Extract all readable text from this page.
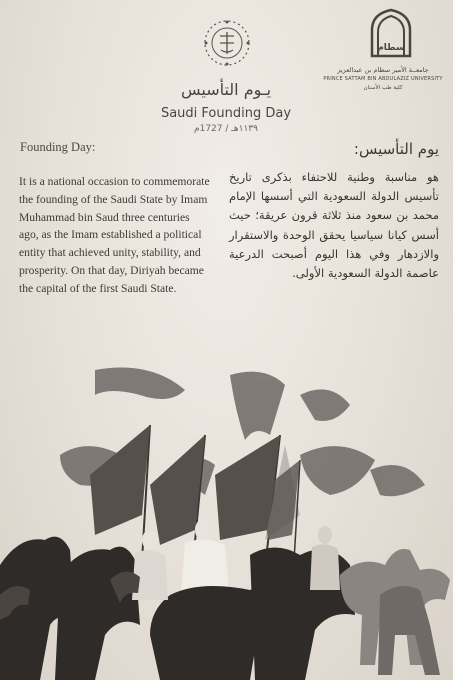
سطام
جامعــة الأمير سطام بن عبدالعزيز
PRINCE SATTAM BIN ABDULAZIZ UNIVERSITY
كلية طب الأسنان
يـوم التأسيس
Saudi Founding Day
١١٣٩هـ / 1727م
Founding Day:
It is a national occasion to commemorate the founding of the Saudi State by Imam Muhammad bin Saud three centuries ago, as the Imam established a political entity that achieved unity, stability, and prosperity. On that day, Diriyah became the capital of the first Saudi State.
يوم التأسيس:
هو مناسبة وطنية للاحتفاء بذكرى تاريخ تأسيس الدولة السعودية التي أسسها الإمام محمد بن سعود منذ ثلاثة قرون عريقة؛ حيث أسس كيانا سياسيا يحقق الوحدة والاستقرار والازدهار وفي هذا اليوم أصبحت الدرعية عاصمة الدولة السعودية الأولى.
